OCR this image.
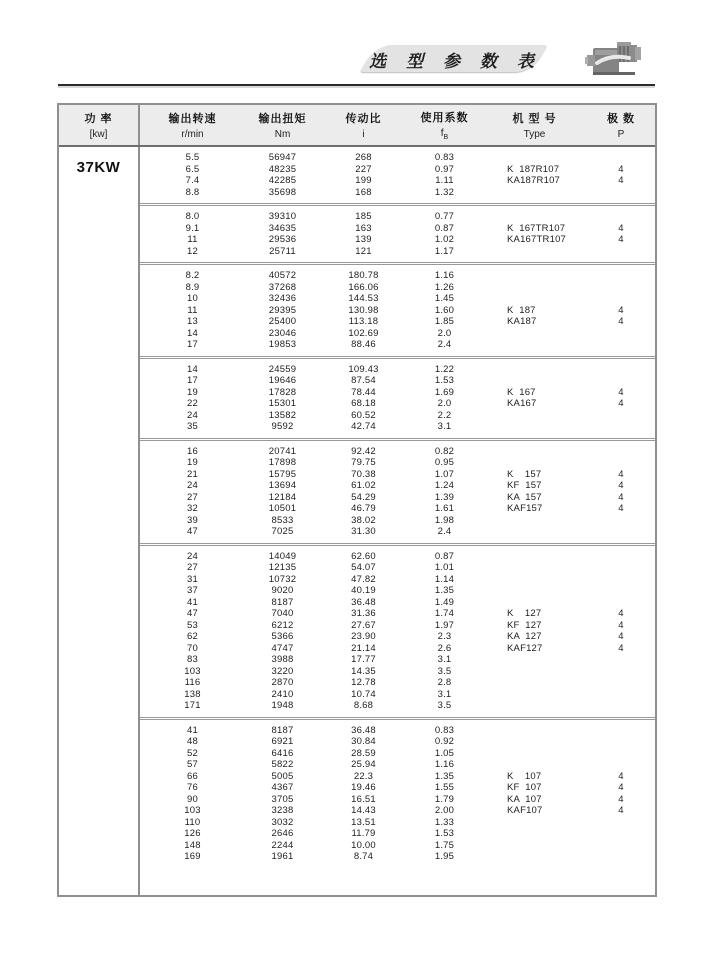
选 型 参 数 表
功 率
[kw]
输出转速
r/min
输出扭矩
Nm
传动比
i
使用系数
$f_B$
机 型 号
Type
极 数
P
37KW
5.5	56947	268	0.83
6.5	48235	227	0.97	K  187R107	4
7.4	42285	199	1.11	KA187R107	4
8.8	35698	168	1.32
8.0	39310	185	0.77
9.1	34635	163	0.87	K  167TR107	4
11	29536	139	1.02	KA167TR107	4
12	25711	121	1.17
8.2	40572	180.78	1.16
8.9	37268	166.06	1.26
10	32436	144.53	1.45
11	29395	130.98	1.60	K  187	4
13	25400	113.18	1.85	KA187	4
14	23046	102.69	2.0
17	19853	88.46	2.4
14	24559	109.43	1.22
17	19646	87.54	1.53
19	17828	78.44	1.69	K  167	4
22	15301	68.18	2.0	KA167	4
24	13582	60.52	2.2
35	9592	42.74	3.1
16	20741	92.42	0.82
19	17898	79.75	0.95
21	15795	70.38	1.07	K    157	4
24	13694	61.02	1.24	KF  157	4
27	12184	54.29	1.39	KA  157	4
32	10501	46.79	1.61	KAF157	4
39	8533	38.02	1.98
47	7025	31.30	2.4
24	14049	62.60	0.87
27	12135	54.07	1.01
31	10732	47.82	1.14
37	9020	40.19	1.35
41	8187	36.48	1.49
47	7040	31.36	1.74	K    127	4
53	6212	27.67	1.97	KF  127	4
62	5366	23.90	2.3	KA  127	4
70	4747	21.14	2.6	KAF127	4
83	3988	17.77	3.1
103	3220	14.35	3.5
116	2870	12.78	2.8
138	2410	10.74	3.1
171	1948	8.68	3.5
41	8187	36.48	0.83
48	6921	30.84	0.92
52	6416	28.59	1.05
57	5822	25.94	1.16
66	5005	22.3	1.35	K    107	4
76	4367	19.46	1.55	KF  107	4
90	3705	16.51	1.79	KA  107	4
103	3238	14.43	2.00	KAF107	4
110	3032	13.51	1.33
126	2646	11.79	1.53
148	2244	10.00	1.75
169	1961	8.74	1.95
